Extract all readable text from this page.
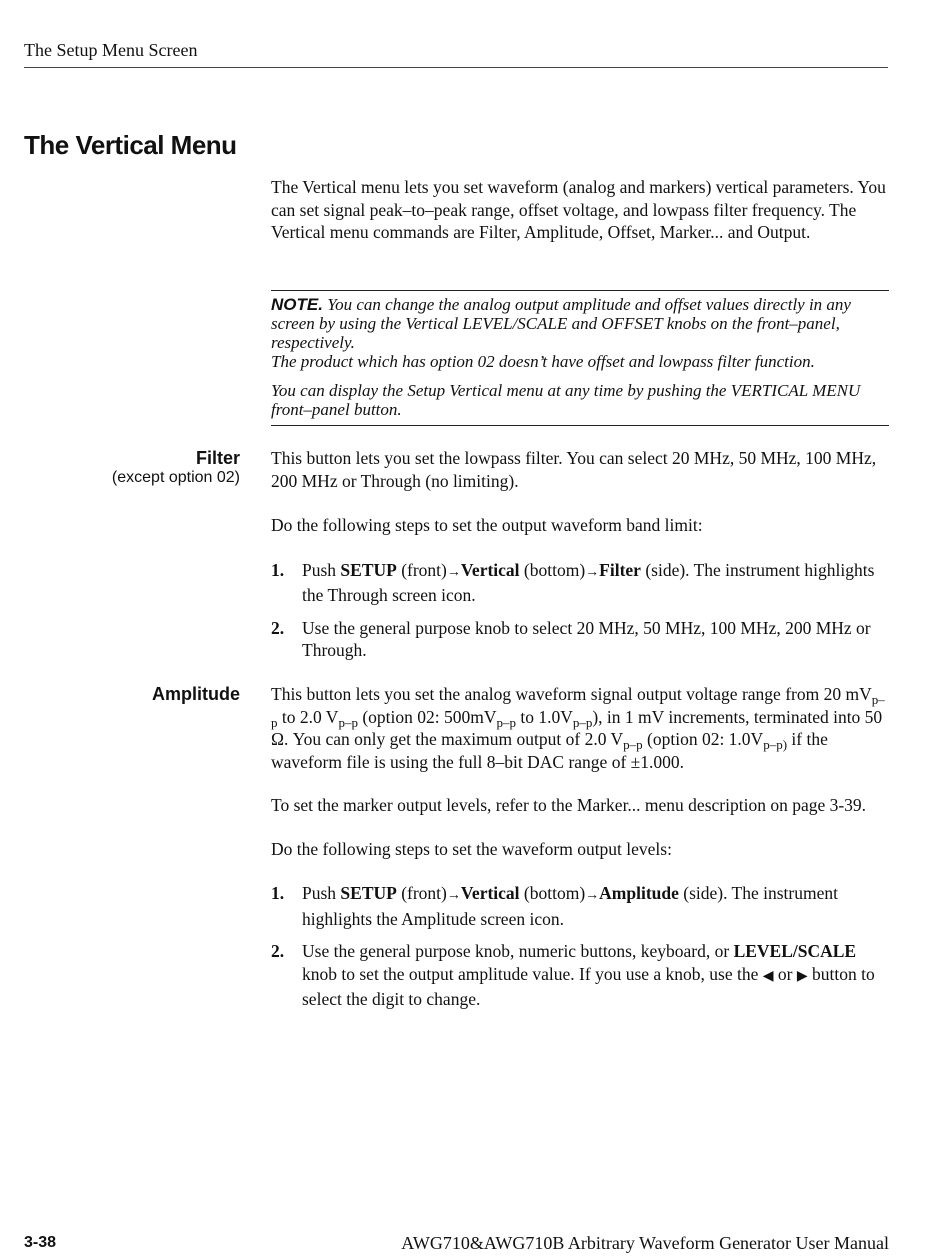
The Setup Menu Screen
The Vertical Menu

The Vertical menu lets you set waveform (analog and markers) vertical parameters. You can set signal peak–to–peak range, offset voltage, and lowpass filter frequency. The Vertical menu commands are Filter, Amplitude, Offset, Marker... and Output.

NOTE. You can change the analog output amplitude and offset values directly in any screen by using the Vertical LEVEL/SCALE and OFFSET knobs on the front–panel, respectively.

The product which has option 02 doesn’t have offset and lowpass filter function.

You can display the Setup Vertical menu at any time by pushing the VERTICAL MENU front–panel button.

Filter
(except option 02)

This button lets you set the lowpass filter. You can select 20 MHz, 50 MHz, 100 MHz, 200 MHz or Through (no limiting).

Do the following steps to set the output waveform band limit:

1. Push SETUP (front)→Vertical (bottom)→Filter (side). The instrument highlights the Through screen icon.
2. Use the general purpose knob to select 20 MHz, 50 MHz, 100 MHz, 200 MHz or Through.
Amplitude This button lets you set the analog waveform signal output voltage range from 20 $mV_{p-p}$ to 2.0 $V_{p-p}$ (option 02: $500mV_{p-p}$ to $1.0V_{p-p}$), in 1 mV increments, terminated into 50 Ω. You can only get the maximum output of 2.0 $V_{p-p}$ (option 02: $1.0V_{p-p)}$ if the waveform file is using the full 8–bit DAC range of ±1.000.

To set the marker output levels, refer to the Marker... menu description on page 3-39.

Do the following steps to set the waveform output levels:

1. Push SETUP (front)→Vertical (bottom)→Amplitude (side). The instrument highlights the Amplitude screen icon.
2. Use the general purpose knob, numeric buttons, keyboard, or LEVEL/SCALE knob to set the output amplitude value. If you use a knob, use the ◀ or ▶ button to select the digit to change.
3-38	AWG710&AWG710B Arbitrary Waveform Generator User Manual
